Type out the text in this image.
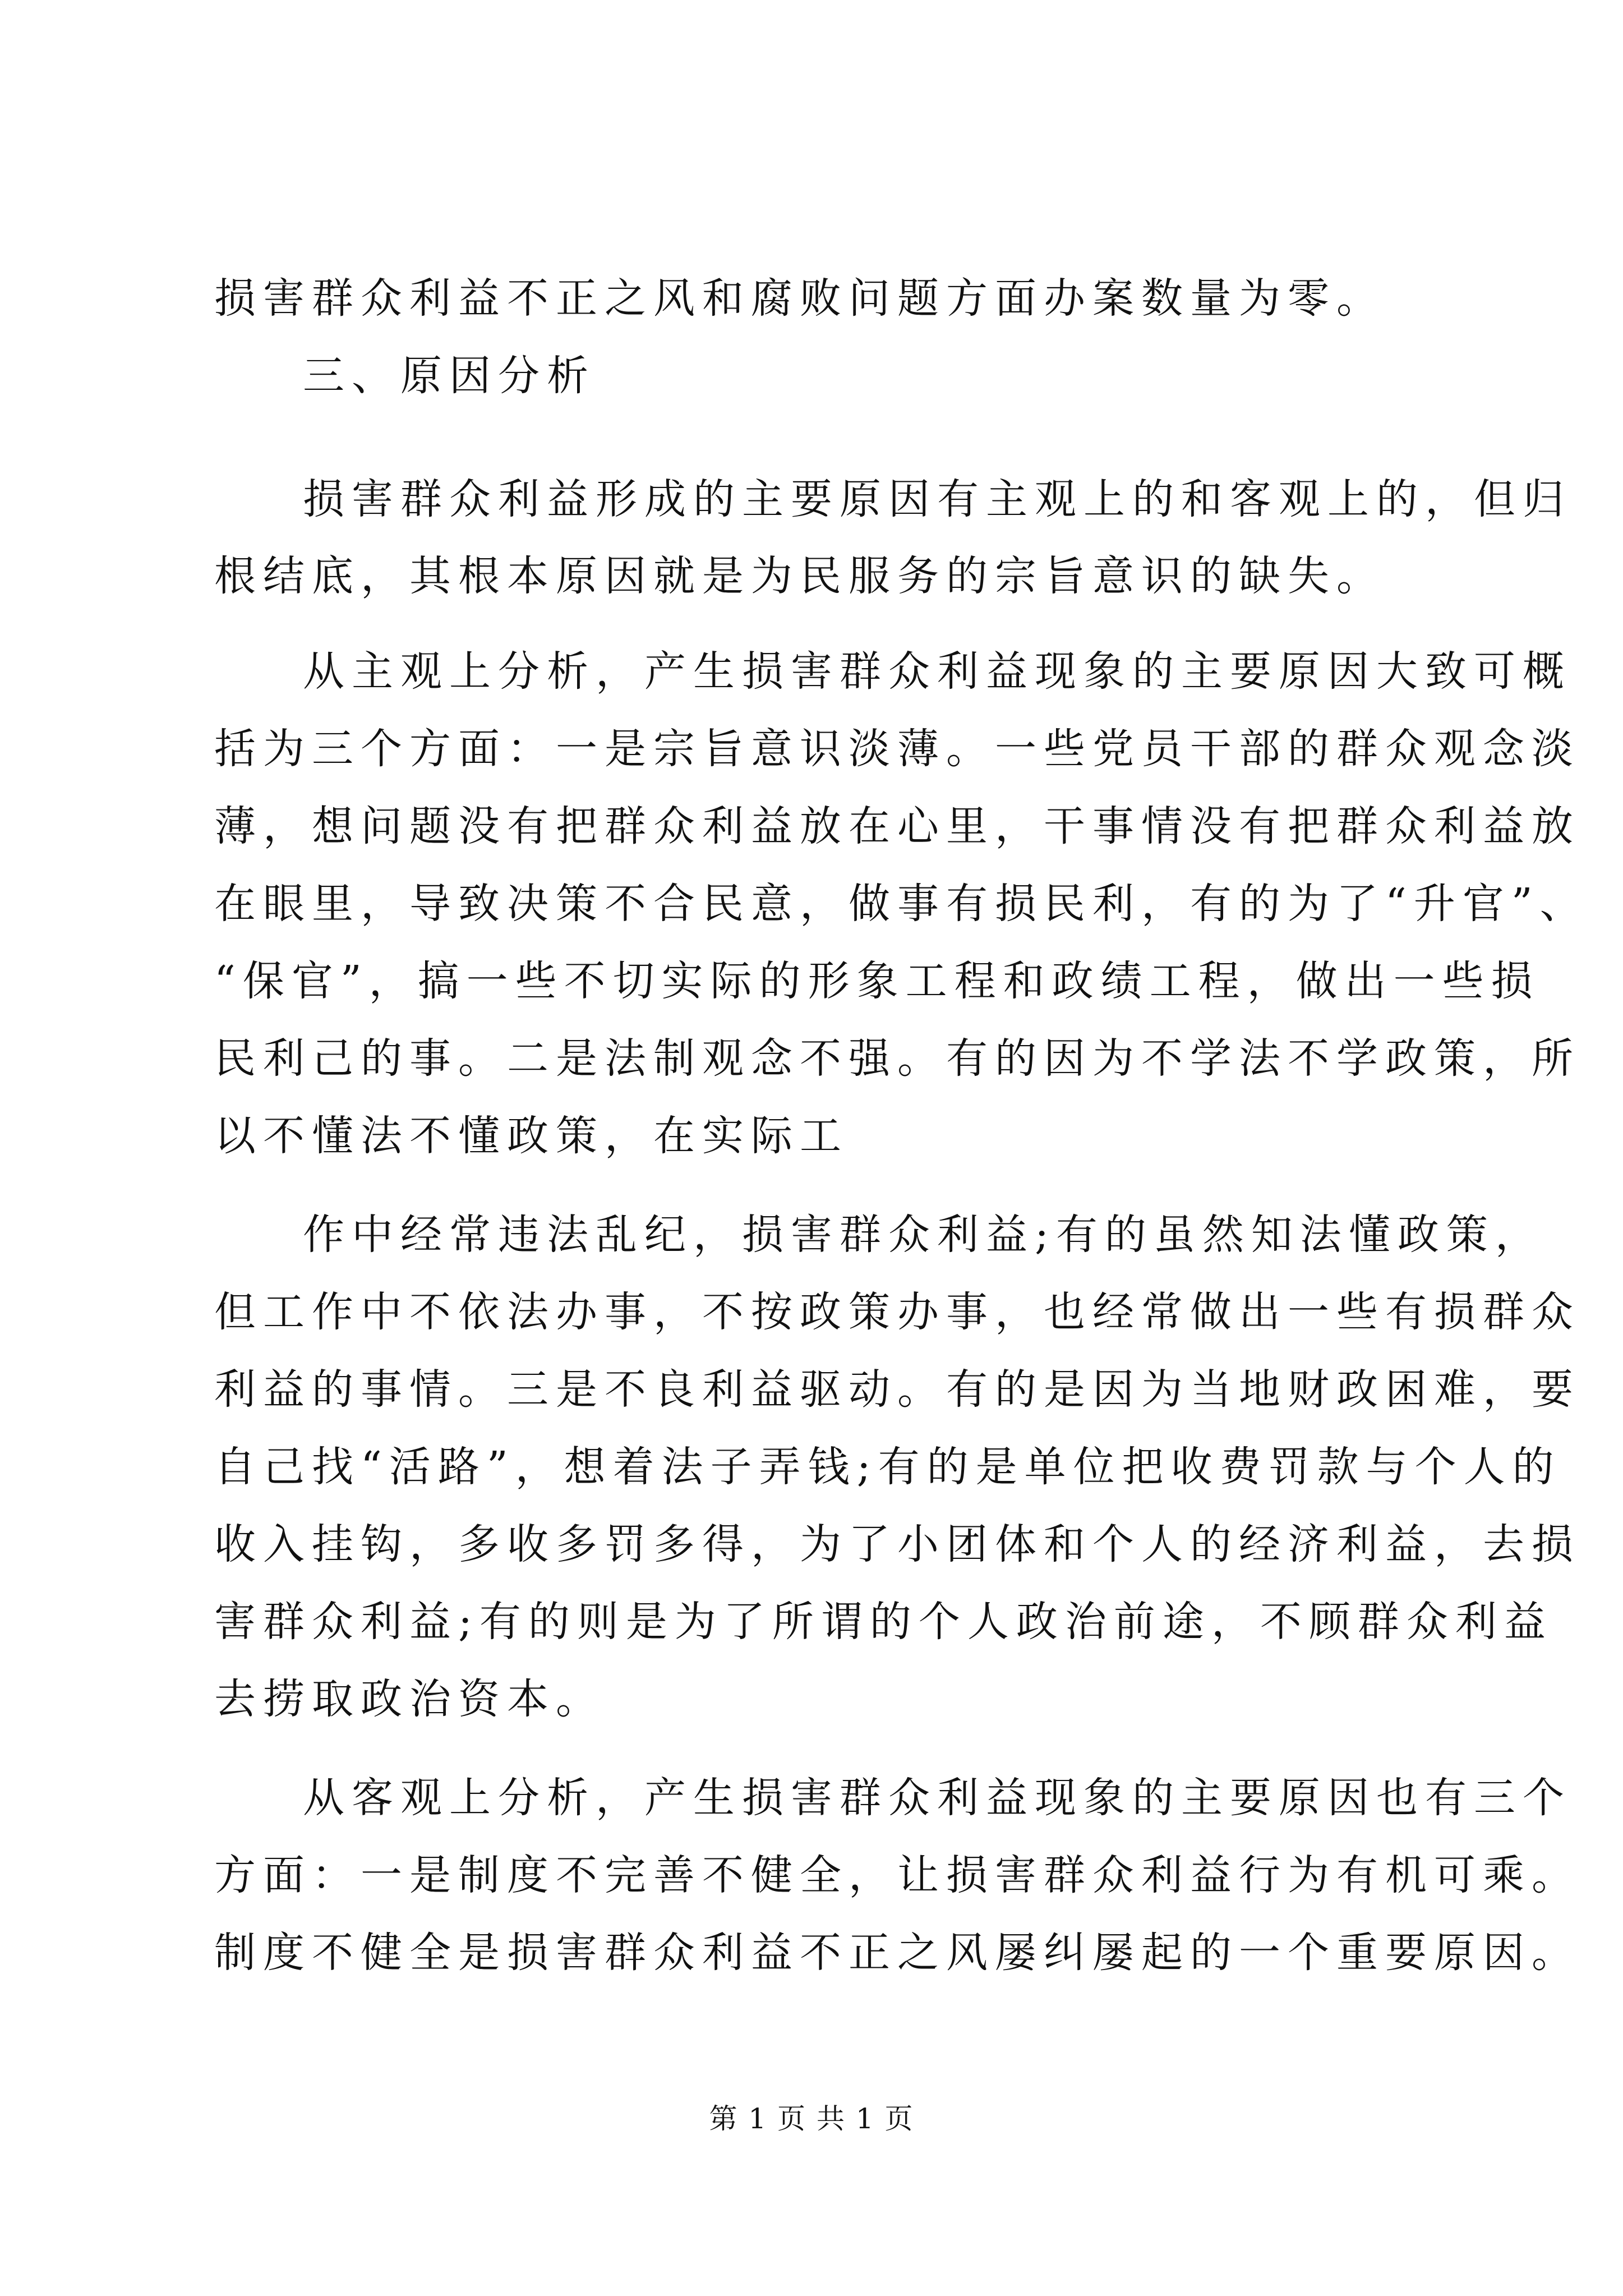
损害群众利益不正之风和腐败问题方面办案数量为零。

三、原因分析

损害群众利益形成的主要原因有主观上的和客观上的，但归

根结底，其根本原因就是为民服务的宗旨意识的缺失。

从主观上分析，产生损害群众利益现象的主要原因大致可概

括为三个方面：一是宗旨意识淡薄。一些党员干部的群众观念淡

薄，想问题没有把群众利益放在心里，干事情没有把群众利益放

在眼里，导致决策不合民意，做事有损民利，有的为了“升官”、

“保官”，搞一些不切实际的形象工程和政绩工程，做出一些损

民利己的事。二是法制观念不强。有的因为不学法不学政策，所

以不懂法不懂政策，在实际工

作中经常违法乱纪，损害群众利益;有的虽然知法懂政策，

但工作中不依法办事，不按政策办事，也经常做出一些有损群众

利益的事情。三是不良利益驱动。有的是因为当地财政困难，要

自己找“活路”，想着法子弄钱;有的是单位把收费罚款与个人的

收入挂钩，多收多罚多得，为了小团体和个人的经济利益，去损

害群众利益;有的则是为了所谓的个人政治前途，不顾群众利益

去捞取政治资本。

从客观上分析，产生损害群众利益现象的主要原因也有三个

方面：一是制度不完善不健全，让损害群众利益行为有机可乘。

制度不健全是损害群众利益不正之风屡纠屡起的一个重要原因。

第 1 页 共 1 页
